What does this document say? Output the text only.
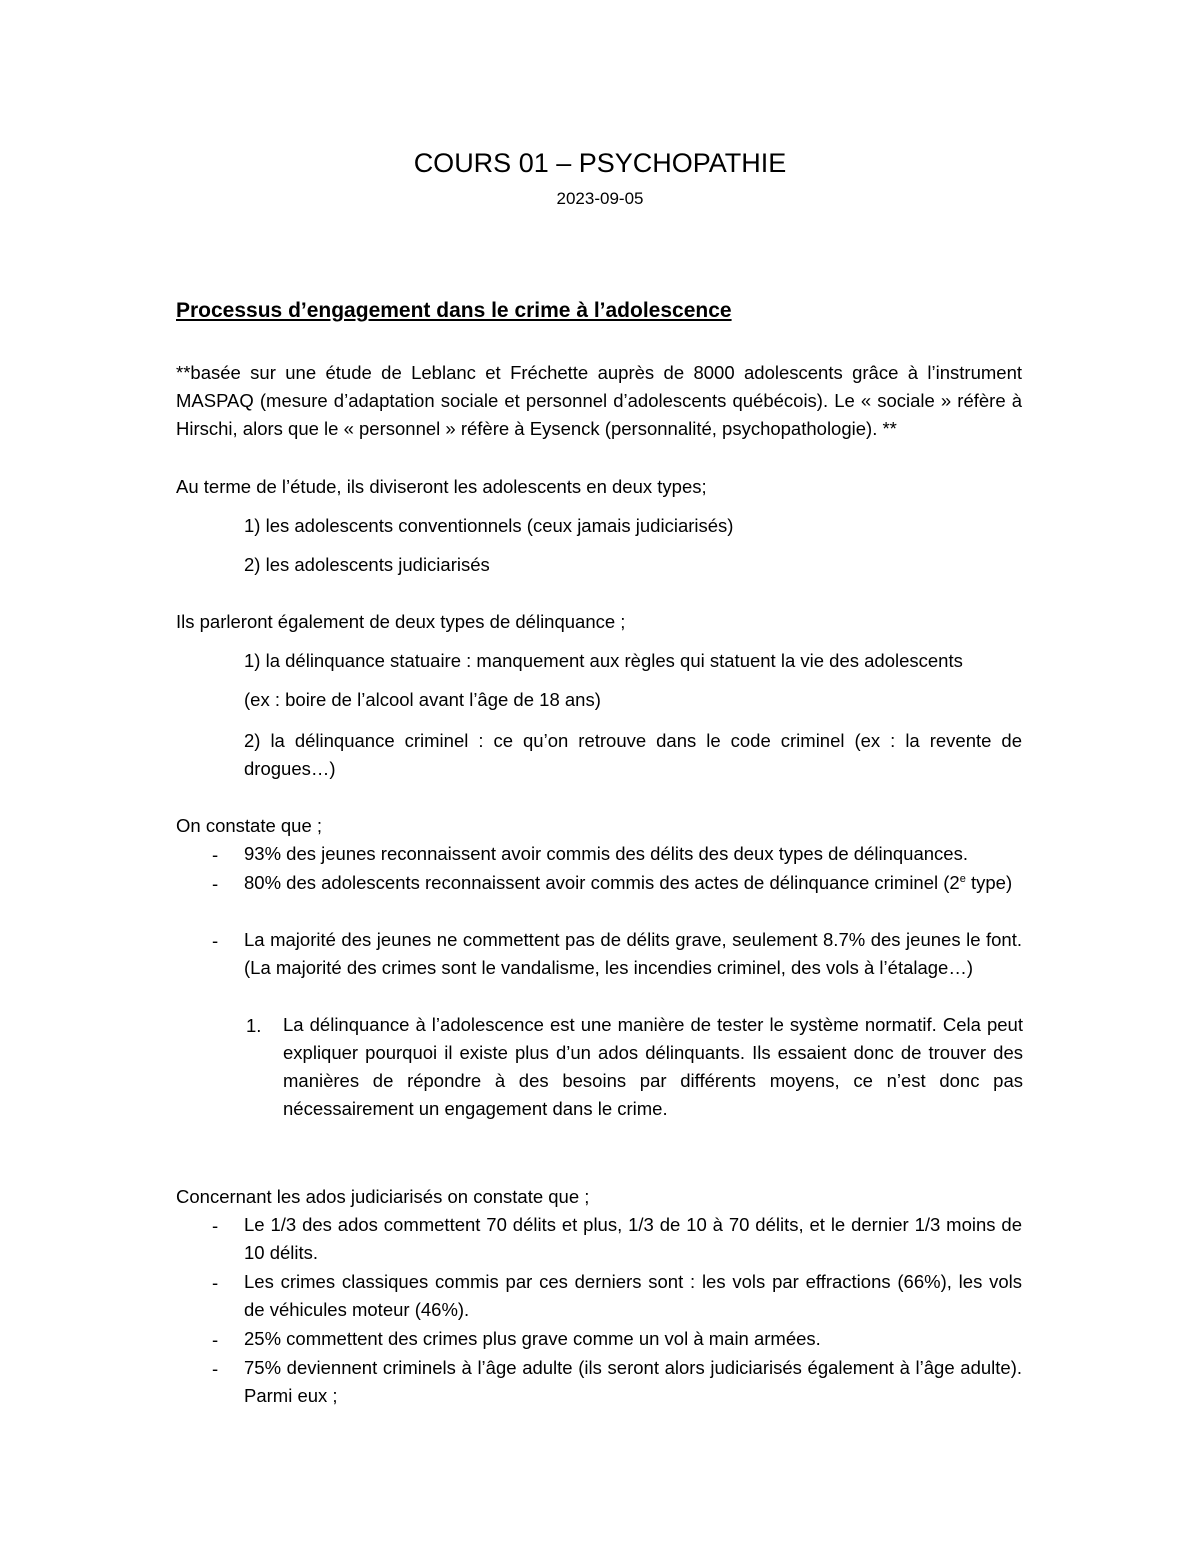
COURS 01 – PSYCHOPATHIE
2023-09-05
Processus d’engagement dans le crime à l’adolescence
**basée sur une étude de Leblanc et Fréchette auprès de 8000 adolescents grâce à l’instrument MASPAQ (mesure d’adaptation sociale et personnel d’adolescents québécois). Le « sociale » réfère à Hirschi, alors que le « personnel » réfère à Eysenck (personnalité, psychopathologie). **
Au terme de l’étude, ils diviseront les adolescents en deux types;
1) les adolescents conventionnels (ceux jamais judiciarisés)
2) les adolescents judiciarisés
Ils parleront également de deux types de délinquance ;
1) la délinquance statuaire : manquement aux règles qui statuent la vie des adolescents
(ex : boire de l’alcool avant l’âge de 18 ans)
2) la délinquance criminel : ce qu’on retrouve dans le code criminel (ex : la revente de drogues…)
On constate que ;
- 93% des jeunes reconnaissent avoir commis des délits des deux types de délinquances.
- 80% des adolescents reconnaissent avoir commis des actes de délinquance criminel (2e type)
- La majorité des jeunes ne commettent pas de délits grave, seulement 8.7% des jeunes le font. (La majorité des crimes sont le vandalisme, les incendies criminel, des vols à l’étalage…)
1. La délinquance à l’adolescence est une manière de tester le système normatif. Cela peut expliquer pourquoi il existe plus d’un ados délinquants. Ils essaient donc de trouver des manières de répondre à des besoins par différents moyens, ce n’est donc pas nécessairement un engagement dans le crime.
Concernant les ados judiciarisés on constate que ;
- Le 1/3 des ados commettent 70 délits et plus, 1/3 de 10 à 70 délits, et le dernier 1/3 moins de 10 délits.
- Les crimes classiques commis par ces derniers sont : les vols par effractions (66%), les vols de véhicules moteur (46%).
- 25% commettent des crimes plus grave comme un vol à main armées.
- 75% deviennent criminels à l’âge adulte (ils seront alors judiciarisés également à l’âge adulte). Parmi eux ;
